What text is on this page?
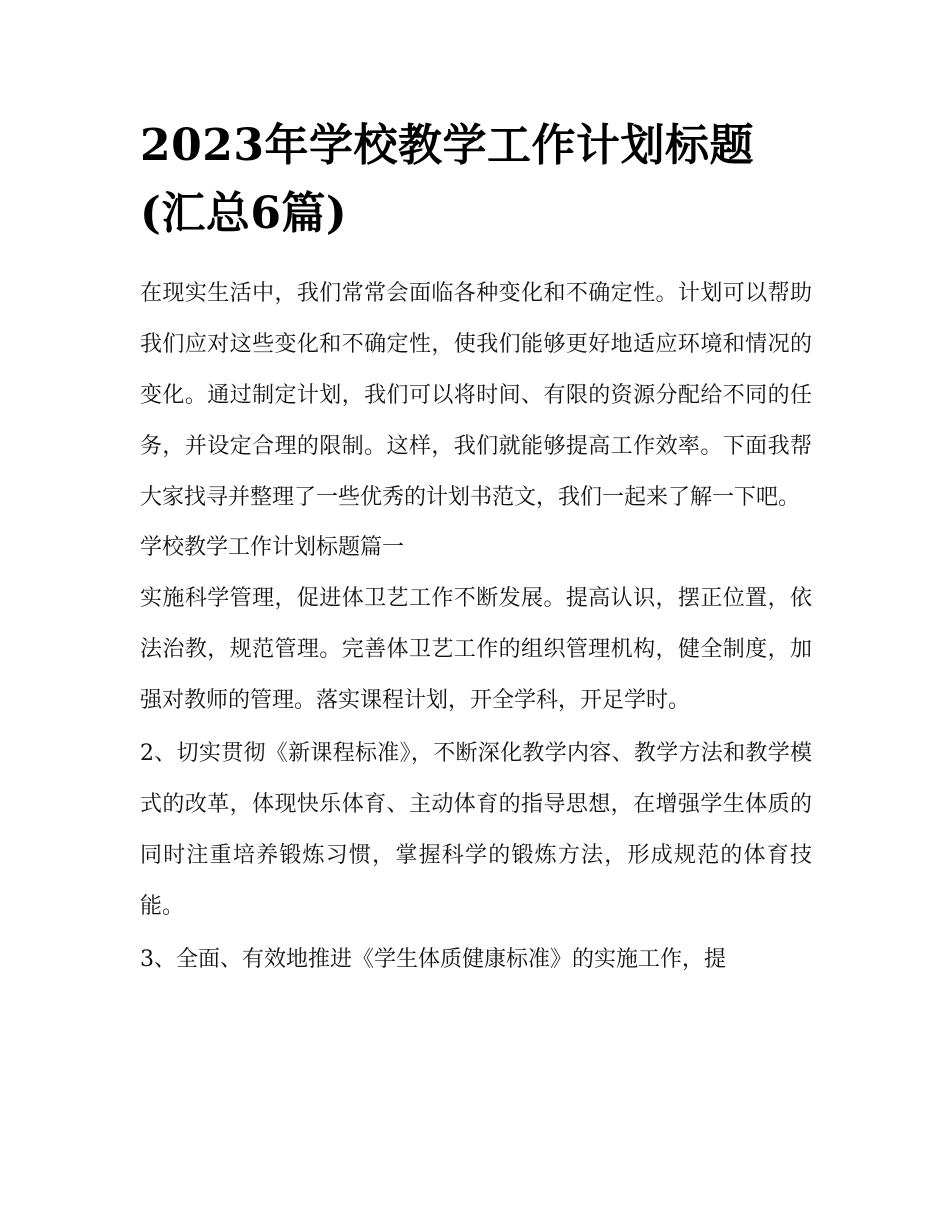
2023年学校教学工作计划标题(汇总6篇)

在现实生活中，我们常常会面临各种变化和不确定性。计划可以帮助我们应对这些变化和不确定性，使我们能够更好地适应环境和情况的变化。通过制定计划，我们可以将时间、有限的资源分配给不同的任务，并设定合理的限制。这样，我们就能够提高工作效率。下面我帮大家找寻并整理了一些优秀的计划书范文，我们一起来了解一下吧。

学校教学工作计划标题篇一

实施科学管理，促进体卫艺工作不断发展。提高认识，摆正位置，依法治教，规范管理。完善体卫艺工作的组织管理机构，健全制度，加强对教师的管理。落实课程计划，开全学科，开足学时。

2、切实贯彻《新课程标准》，不断深化教学内容、教学方法和教学模式的改革，体现快乐体育、主动体育的指导思想，在增强学生体质的同时注重培养锻炼习惯，掌握科学的锻炼方法，形成规范的体育技能。

3、全面、有效地推进《学生体质健康标准》的实施工作，提
